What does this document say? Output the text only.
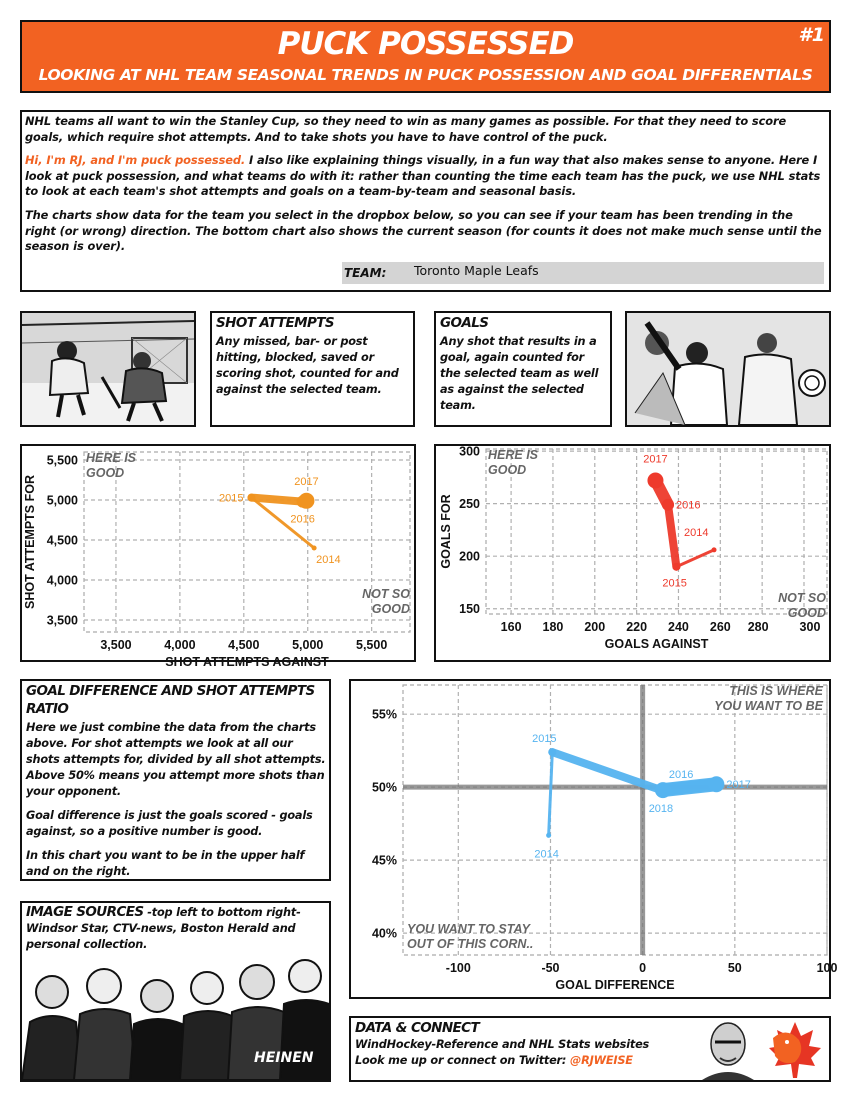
PUCK POSSESSED
LOOKING AT NHL TEAM SEASONAL TRENDS IN PUCK POSSESSION AND GOAL DIFFERENTIALS
#1

NHL teams all want to win the Stanley Cup, so they need to win as many games as possible. For that they need to score goals, which require shot attempts. And to take shots you have to have control of the puck.

Hi, I'm RJ, and I'm puck possessed. I also like explaining things visually, in a fun way that also makes sense to anyone. Here I look at puck possession, and what teams do with it: rather than counting the time each team has the puck, we use NHL stats to look at each team's shot attempts and goals on a team-by-team and seasonal basis.

The charts show data for the team you select in the dropbox below, so you can see if your team has been trending in the right (or wrong) direction. The bottom chart also shows the current season (for counts it does not make much sense until the season is over).

TEAM: Toronto Maple Leafs
SHOT ATTEMPTS

Any missed, bar- or post hitting, blocked, saved or scoring shot, counted for and against the selected team.

GOALS

Any shot that results in a goal, again counted for the selected team as well as against the selected team.

3,500	4,000	4,500	5,000	5,500
3,500
4,000
4,500
5,000
5,500
SHOT ATTEMPTS AGAINST
SHOT ATTEMPTS FOR
HERE IS
GOOD
NOT SO
GOOD
2014
2015
2016
2017
160 180 200 220 240 260 280 300
150
200
250
300
GOALS AGAINST
GOALS FOR
HERE IS
GOOD
NOT SO
GOOD
2014
2015
2016
2017
GOAL DIFFERENCE AND SHOT ATTEMPTS RATIO

Here we just combine the data from the charts above. For shot attempts we look at all our shots attempts for, divided by all shot attempts. Above 50% means you attempt more shots than your opponent.

Goal difference is just the goals scored - goals against, so a positive number is good.

In this chart you want to be in the upper half and on the right.

-100	-50	0	50	100
40%
45%
50%
55%
GOAL DIFFERENCE
THIS IS WHERE
YOU WANT TO BE
YOU WANT TO STAY
OUT OF THIS CORN..
2014
2015
2016
2017
2018

IMAGE SOURCES -top left to bottom right- Windsor Star, CTV-news, Boston Herald and personal collection.

HEINEN
DATA & CONNECT

WindHockey-Reference and NHL Stats websites

Look me up or connect on Twitter: @RJWEISE
